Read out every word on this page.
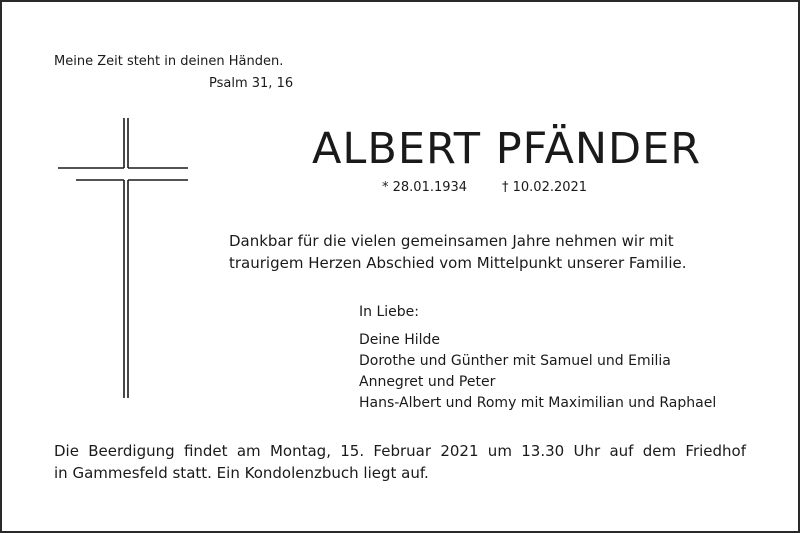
Meine Zeit steht in deinen Händen.
Psalm 31, 16
ALBERT PFÄNDER
* 28.01.1934	† 10.02.2021
Dankbar für die vielen gemeinsamen Jahre nehmen wir mit
traurigem Herzen Abschied vom Mittelpunkt unserer Familie.
In Liebe:
Deine Hilde
Dorothe und Günther mit Samuel und Emilia
Annegret und Peter
Hans-Albert und Romy mit Maximilian und Raphael
Die Beerdigung findet am Montag, 15. Februar 2021 um 13.30 Uhr auf dem Friedhof
in Gammesfeld statt. Ein Kondolenzbuch liegt auf.
